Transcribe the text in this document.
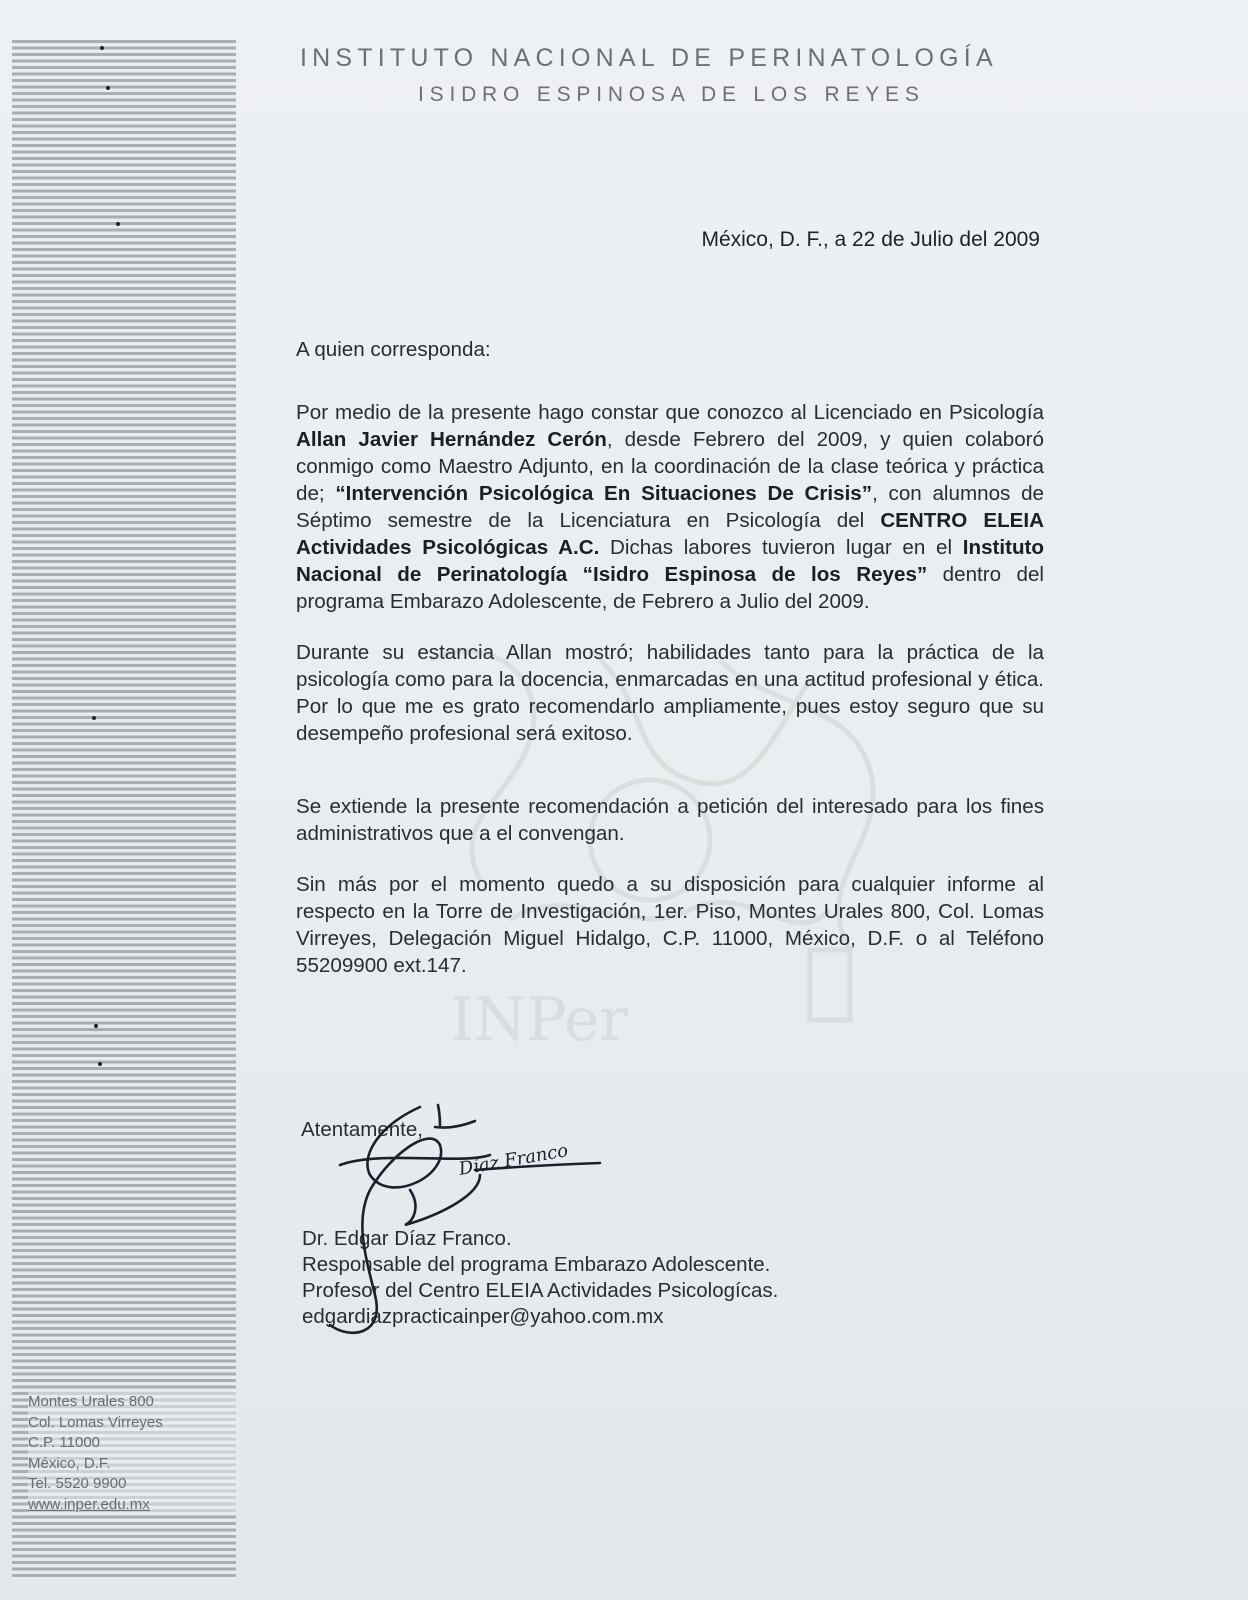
INPer
INSTITUTO NACIONAL DE PERINATOLOGÍA
ISIDRO ESPINOSA DE LOS REYES
México, D. F., a 22 de Julio del 2009
A quien corresponda:

Por medio de la presente hago constar que conozco al Licenciado en Psicología Allan Javier Hernández Cerón, desde Febrero del 2009, y quien colaboró conmigo como Maestro Adjunto, en la coordinación de la clase teórica y práctica de; “Intervención Psicológica En Situaciones De Crisis”, con alumnos de Séptimo semestre de la Licenciatura en Psicología del CENTRO ELEIA Actividades Psicológicas A.C. Dichas labores tuvieron lugar en el Instituto Nacional de Perinatología “Isidro Espinosa de los Reyes” dentro del programa Embarazo Adolescente, de Febrero a Julio del 2009.

Durante su estancia Allan mostró; habilidades tanto para la práctica de la psicología como para la docencia, enmarcadas en una actitud profesional y ética. Por lo que me es grato recomendarlo ampliamente, pues estoy seguro que su desempeño profesional será exitoso.

Se extiende la presente recomendación a petición del interesado para los fines administrativos que a el convengan.

Sin más por el momento quedo a su disposición para cualquier informe al respecto en la Torre de Investigación, 1er. Piso, Montes Urales 800, Col. Lomas Virreyes, Delegación Miguel Hidalgo, C.P. 11000, México, D.F. o al Teléfono 55209900 ext.147.

Atentamente,
Dr. Edgar Díaz Franco.
Responsable del programa Embarazo Adolescente.
Profesor del Centro ELEIA Actividades Psicologícas.
edgardiazpracticainper@yahoo.com.mx
Díaz Franco
Montes Urales 800
Col. Lomas Virreyes
C.P. 11000
México, D.F.
Tel. 5520 9900
www.inper.edu.mx
